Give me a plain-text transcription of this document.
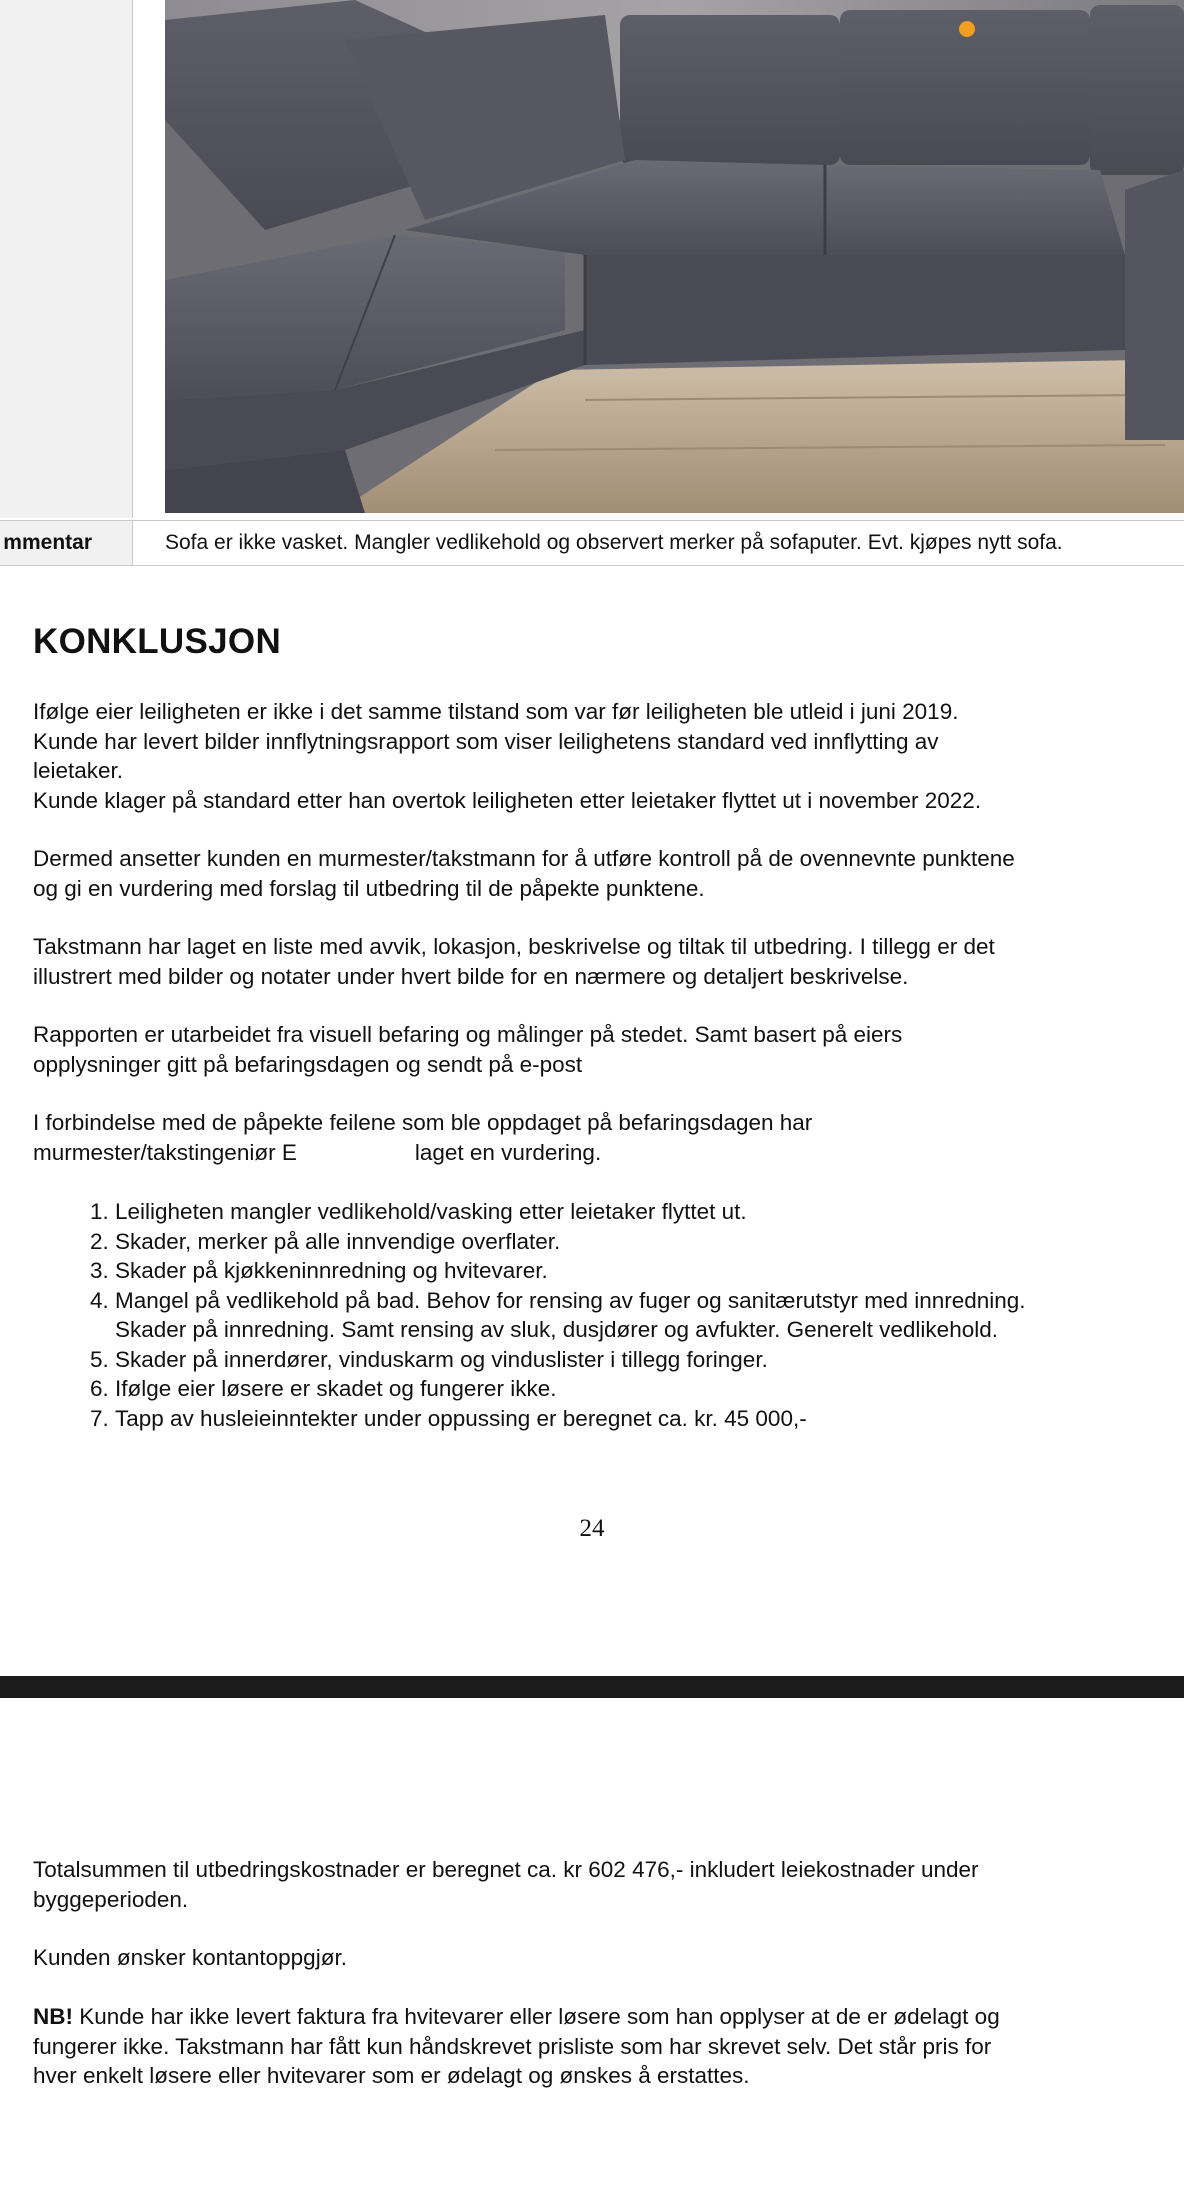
mmentar	Sofa er ikke vasket. Mangler vedlikehold og observert merker på sofaputer. Evt. kjøpes nytt sofa.
KONKLUSJON
Ifølge eier leiligheten er ikke i det samme tilstand som var før leiligheten ble utleid i juni 2019.
Kunde har levert bilder innflytningsrapport som viser leilighetens standard ved innflytting av
leietaker.
Kunde klager på standard etter han overtok leiligheten etter leietaker flyttet ut i november 2022.
Dermed ansetter kunden en murmester/takstmann for å utføre kontroll på de ovennevnte punktene
og gi en vurdering med forslag til utbedring til de påpekte punktene.
Takstmann har laget en liste med avvik, lokasjon, beskrivelse og tiltak til utbedring. I tillegg er det
illustrert med bilder og notater under hvert bilde for en nærmere og detaljert beskrivelse.
Rapporten er utarbeidet fra visuell befaring og målinger på stedet. Samt basert på eiers
opplysninger gitt på befaringsdagen og sendt på e-post
I forbindelse med de påpekte feilene som ble oppdaget på befaringsdagen har
murmester/takstingeniør E	laget en vurdering.
1. Leiligheten mangler vedlikehold/vasking etter leietaker flyttet ut.
2. Skader, merker på alle innvendige overflater.
3. Skader på kjøkkeninnredning og hvitevarer.
4. Mangel på vedlikehold på bad. Behov for rensing av fuger og sanitærutstyr med innredning.
Skader på innredning. Samt rensing av sluk, dusjdører og avfukter. Generelt vedlikehold.
5. Skader på innerdører, vinduskarm og vinduslister i tillegg foringer.
6. Ifølge eier løsere er skadet og fungerer ikke.
7. Tapp av husleieinntekter under oppussing er beregnet ca. kr. 45 000,-
24
Totalsummen til utbedringskostnader er beregnet ca. kr 602 476,- inkludert leiekostnader under
byggeperioden.
Kunden ønsker kontantoppgjør.
NB! Kunde har ikke levert faktura fra hvitevarer eller løsere som han opplyser at de er ødelagt og
fungerer ikke. Takstmann har fått kun håndskrevet prisliste som har skrevet selv. Det står pris for
hver enkelt løsere eller hvitevarer som er ødelagt og ønskes å erstattes.
